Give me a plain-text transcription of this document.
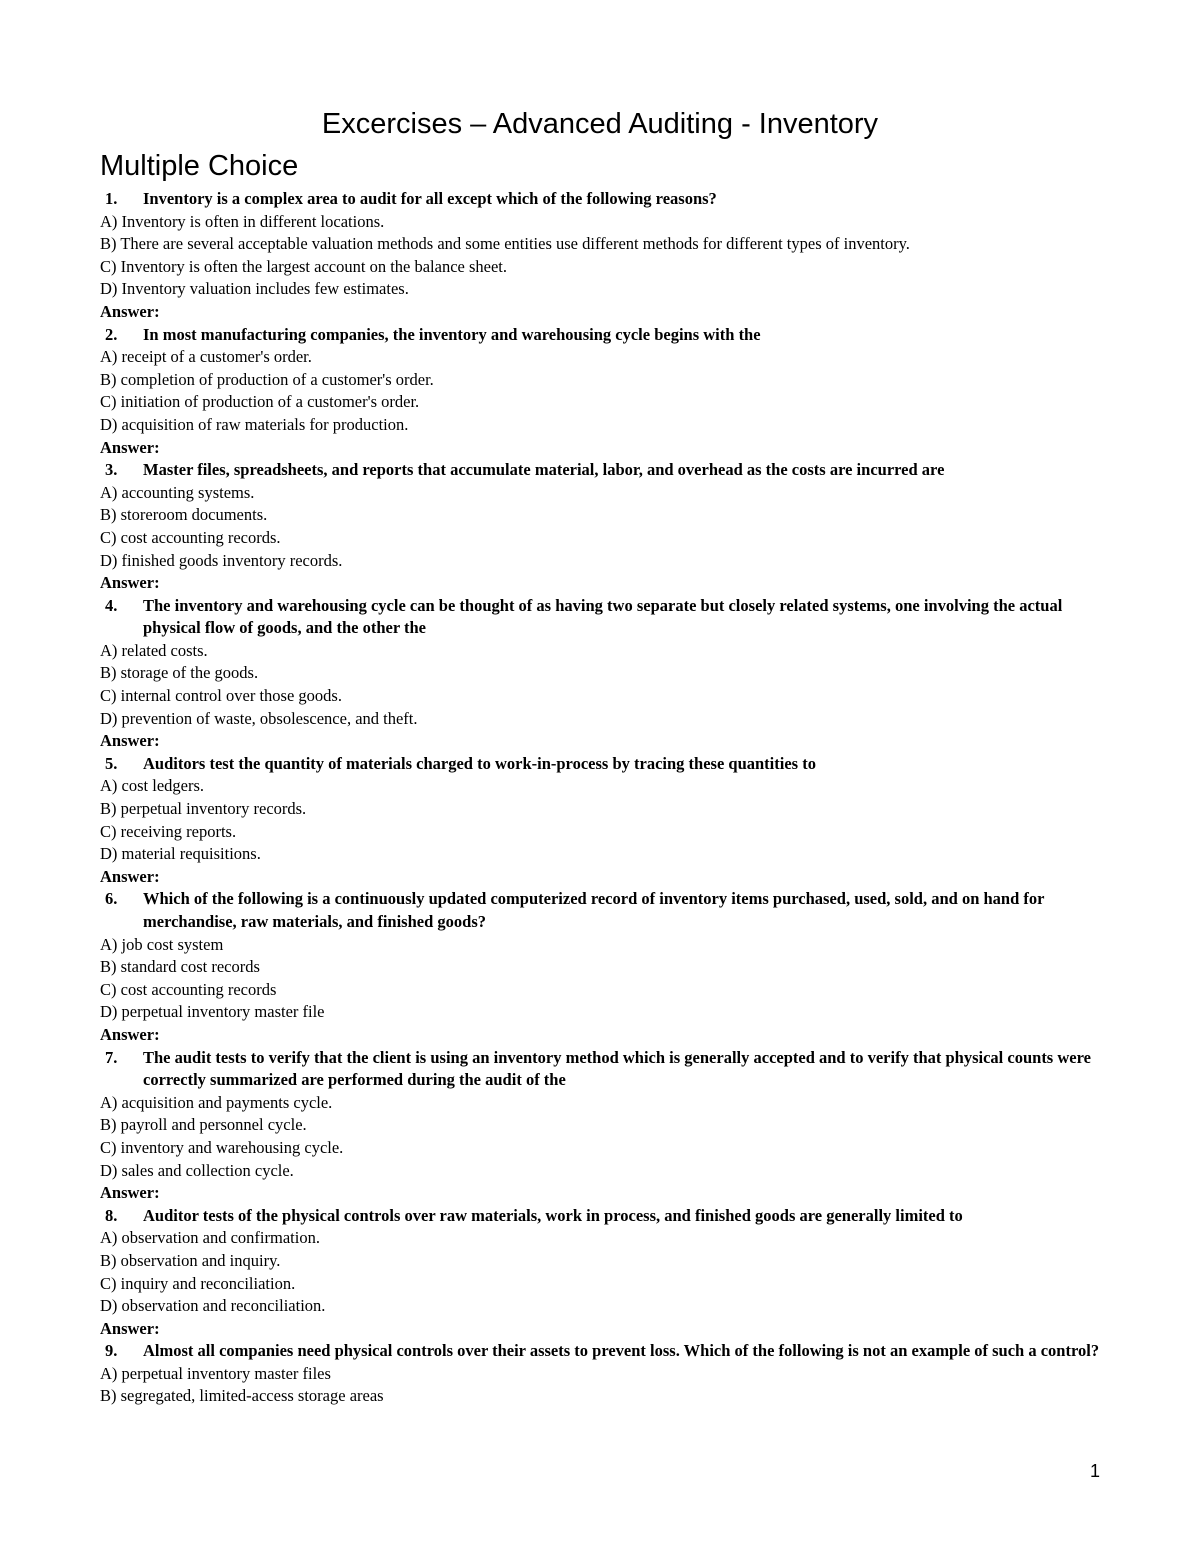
Excercises – Advanced Auditing - Inventory
Multiple Choice
1.	Inventory is a complex area to audit for all except which of the following reasons?
A) Inventory is often in different locations.
B) There are several acceptable valuation methods and some entities use different methods for different types of inventory.
C) Inventory is often the largest account on the balance sheet.
D) Inventory valuation includes few estimates.
Answer:
2.	In most manufacturing companies, the inventory and warehousing cycle begins with the
A) receipt of a customer's order.
B) completion of production of a customer's order.
C) initiation of production of a customer's order.
D) acquisition of raw materials for production.
Answer:
3.	Master files, spreadsheets, and reports that accumulate material, labor, and overhead as the costs are incurred are
A) accounting systems.
B) storeroom documents.
C) cost accounting records.
D) finished goods inventory records.
Answer:
4.	The inventory and warehousing cycle can be thought of as having two separate but closely related systems, one involving the actual physical flow of goods, and the other the
A) related costs.
B) storage of the goods.
C) internal control over those goods.
D) prevention of waste, obsolescence, and theft.
Answer:
5.	Auditors test the quantity of materials charged to work-in-process by tracing these quantities to
A) cost ledgers.
B) perpetual inventory records.
C) receiving reports.
D) material requisitions.
Answer:
6.	Which of the following is a continuously updated computerized record of inventory items purchased, used, sold, and on hand for merchandise, raw materials, and finished goods?
A) job cost system
B) standard cost records
C) cost accounting records
D) perpetual inventory master file
Answer:
7.	The audit tests to verify that the client is using an inventory method which is generally accepted and to verify that physical counts were correctly summarized are performed during the audit of the
A) acquisition and payments cycle.
B) payroll and personnel cycle.
C) inventory and warehousing cycle.
D) sales and collection cycle.
Answer:
8.	Auditor tests of the physical controls over raw materials, work in process, and finished goods are generally limited to
A) observation and confirmation.
B) observation and inquiry.
C) inquiry and reconciliation.
D) observation and reconciliation.
Answer:
9.	Almost all companies need physical controls over their assets to prevent loss. Which of the following is not an example of such a control?
A) perpetual inventory master files
B) segregated, limited-access storage areas
1
